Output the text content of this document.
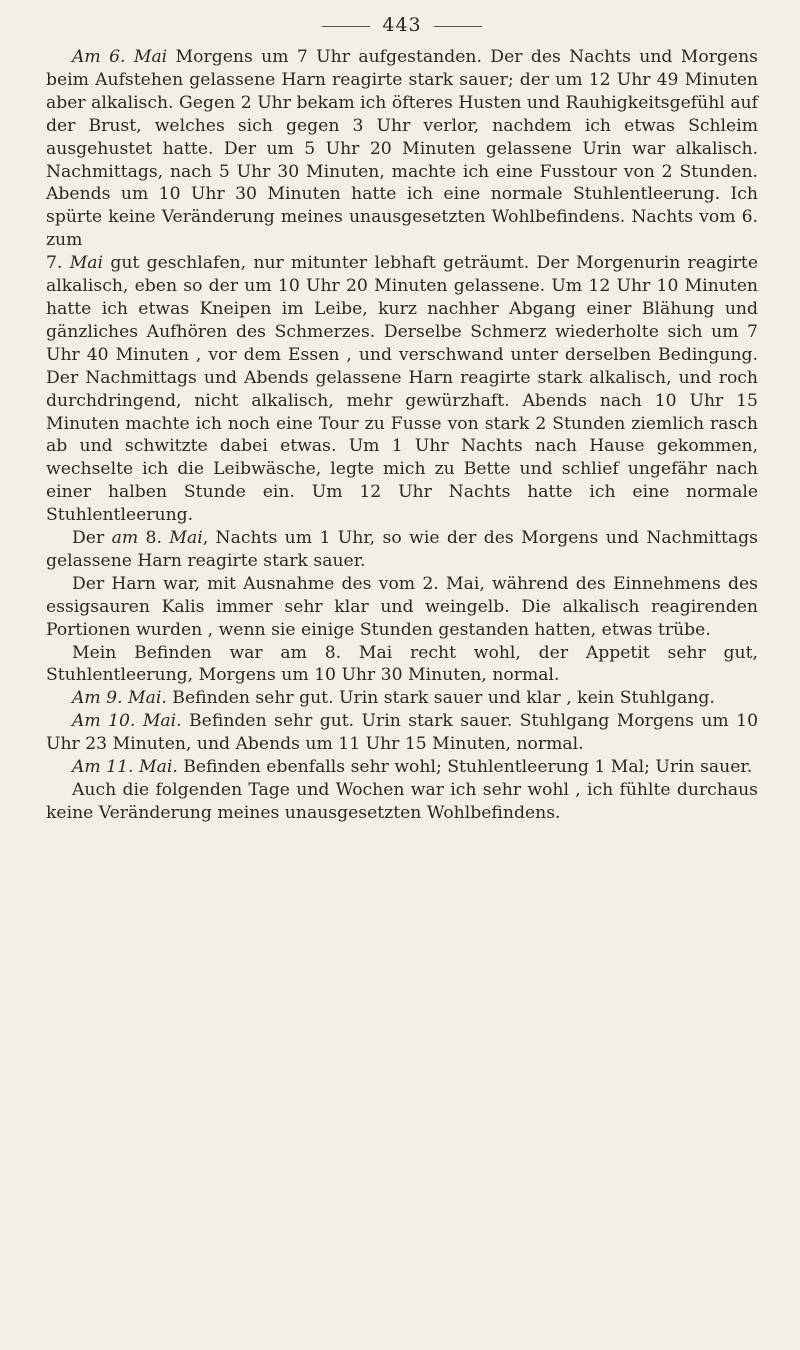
443

Am 6. Mai Morgens um 7 Uhr aufgestanden. Der des Nachts und Morgens beim Aufstehen gelassene Harn reagirte stark sauer; der um 12 Uhr 49 Minuten aber alkalisch. Gegen 2 Uhr bekam ich öfteres Husten und Rauhigkeitsgefühl auf der Brust, welches sich gegen 3 Uhr verlor, nachdem ich etwas Schleim ausgehustet hatte. Der um 5 Uhr 20 Minuten gelassene Urin war alkalisch. Nachmittags, nach 5 Uhr 30 Minuten, machte ich eine Fusstour von 2 Stunden. Abends um 10 Uhr 30 Minuten hatte ich eine normale Stuhlentleerung. Ich spürte keine Veränderung meines unausgesetzten Wohlbefindens. Nachts vom 6. zum

7. Mai gut geschlafen, nur mitunter lebhaft geträumt. Der Morgenurin reagirte alkalisch, eben so der um 10 Uhr 20 Minuten gelassene. Um 12 Uhr 10 Minuten hatte ich etwas Kneipen im Leibe, kurz nachher Abgang einer Blähung und gänzliches Aufhören des Schmerzes. Derselbe Schmerz wiederholte sich um 7 Uhr 40 Minuten , vor dem Essen , und verschwand unter derselben Bedingung. Der Nachmittags und Abends gelassene Harn reagirte stark alkalisch, und roch durchdringend, nicht alkalisch, mehr gewürzhaft. Abends nach 10 Uhr 15 Minuten machte ich noch eine Tour zu Fusse von stark 2 Stunden ziemlich rasch ab und schwitzte dabei etwas. Um 1 Uhr Nachts nach Hause gekommen, wechselte ich die Leibwäsche, legte mich zu Bette und schlief ungefähr nach einer halben Stunde ein. Um 12 Uhr Nachts hatte ich eine normale Stuhlentleerung.

Der am 8. Mai, Nachts um 1 Uhr, so wie der des Morgens und Nachmittags gelassene Harn reagirte stark sauer.

Der Harn war, mit Ausnahme des vom 2. Mai, während des Einnehmens des essigsauren Kalis immer sehr klar und weingelb. Die alkalisch reagirenden Portionen wurden , wenn sie einige Stunden gestanden hatten, etwas trübe.

Mein Befinden war am 8. Mai recht wohl, der Appetit sehr gut, Stuhlentleerung, Morgens um 10 Uhr 30 Minuten, normal.

Am 9. Mai. Befinden sehr gut. Urin stark sauer und klar , kein Stuhlgang.

Am 10. Mai. Befinden sehr gut. Urin stark sauer. Stuhlgang Morgens um 10 Uhr 23 Minuten, und Abends um 11 Uhr 15 Minuten, normal.

Am 11. Mai. Befinden ebenfalls sehr wohl; Stuhlentleerung 1 Mal; Urin sauer.

Auch die folgenden Tage und Wochen war ich sehr wohl , ich fühlte durchaus keine Veränderung meines unausgesetzten Wohlbefindens.
